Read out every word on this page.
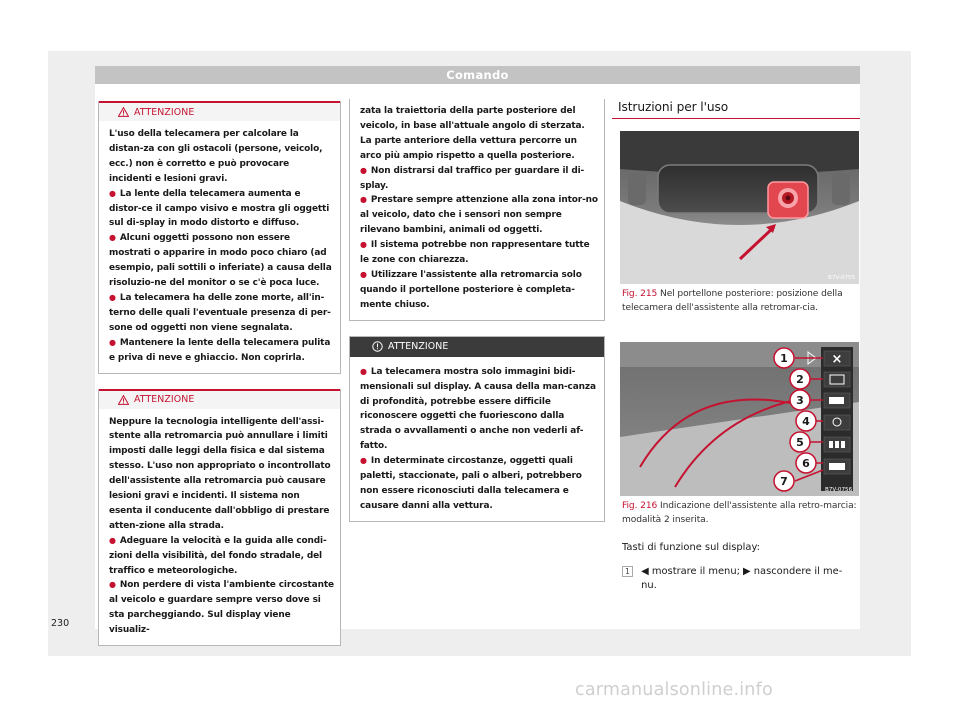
Comando
ATTENZIONE

L'uso della telecamera per calcolare la distan-za con gli ostacoli (persone, veicolo, ecc.) non è corretto e può provocare incidenti e lesioni gravi.

● La lente della telecamera aumenta e distor-ce il campo visivo e mostra gli oggetti sul di-splay in modo distorto e diffuso.

● Alcuni oggetti possono non essere mostrati o apparire in modo poco chiaro (ad esempio, pali sottili o inferiate) a causa della risoluzio-ne del monitor o se c'è poca luce.

● La telecamera ha delle zone morte, all'in-terno delle quali l'eventuale presenza di per-sone od oggetti non viene segnalata.

● Mantenere la lente della telecamera pulita e priva di neve e ghiaccio. Non coprirla.

ATTENZIONE

Neppure la tecnologia intelligente dell'assi-stente alla retromarcia può annullare i limiti imposti dalle leggi della fisica e dal sistema stesso. L'uso non appropriato o incontrollato dell'assistente alla retromarcia può causare lesioni gravi e incidenti. Il sistema non esenta il conducente dall'obbligo di prestare atten-zione alla strada.

● Adeguare la velocità e la guida alle condi-zioni della visibilità, del fondo stradale, del traffico e meteorologiche.

● Non perdere di vista l'ambiente circostante al veicolo e guardare sempre verso dove si sta parcheggiando. Sul display viene visualiz-

zata la traiettoria della parte posteriore del veicolo, in base all'attuale angolo di sterzata. La parte anteriore della vettura percorre un arco più ampio rispetto a quella posteriore.

● Non distrarsi dal traffico per guardare il di-splay.

● Prestare sempre attenzione alla zona intor-no al veicolo, dato che i sensori non sempre rilevano bambini, animali od oggetti.

● Il sistema potrebbe non rappresentare tutte le zone con chiarezza.

● Utilizzare l'assistente alla retromarcia solo quando il portellone posteriore è completa-mente chiuso.

ATTENZIONE

● La telecamera mostra solo immagini bidi-mensionali sul display. A causa della man-canza di profondità, potrebbe essere difficile riconoscere oggetti che fuoriescono dalla strada o avvallamenti o anche non vederli af-fatto.

● In determinate circostanze, oggetti quali paletti, staccionate, pali o alberi, potrebbero non essere riconosciuti dalla telecamera e causare danni alla vettura.

Istruzioni per l'uso
B7V-0755
Fig. 215 Nel portellone posteriore: posizione della telecamera dell'assistente alla retromar-cia.
×
1
2
3
4
5
6
7
B7V-0756
Fig. 216 Indicazione dell'assistente alla retro-marcia: modalità 2 inserita.
Tasti di funzione sul display:
1 ◀ mostrare il menu; ▶ nascondere il me-nu.
230
carmanualsonline.info
